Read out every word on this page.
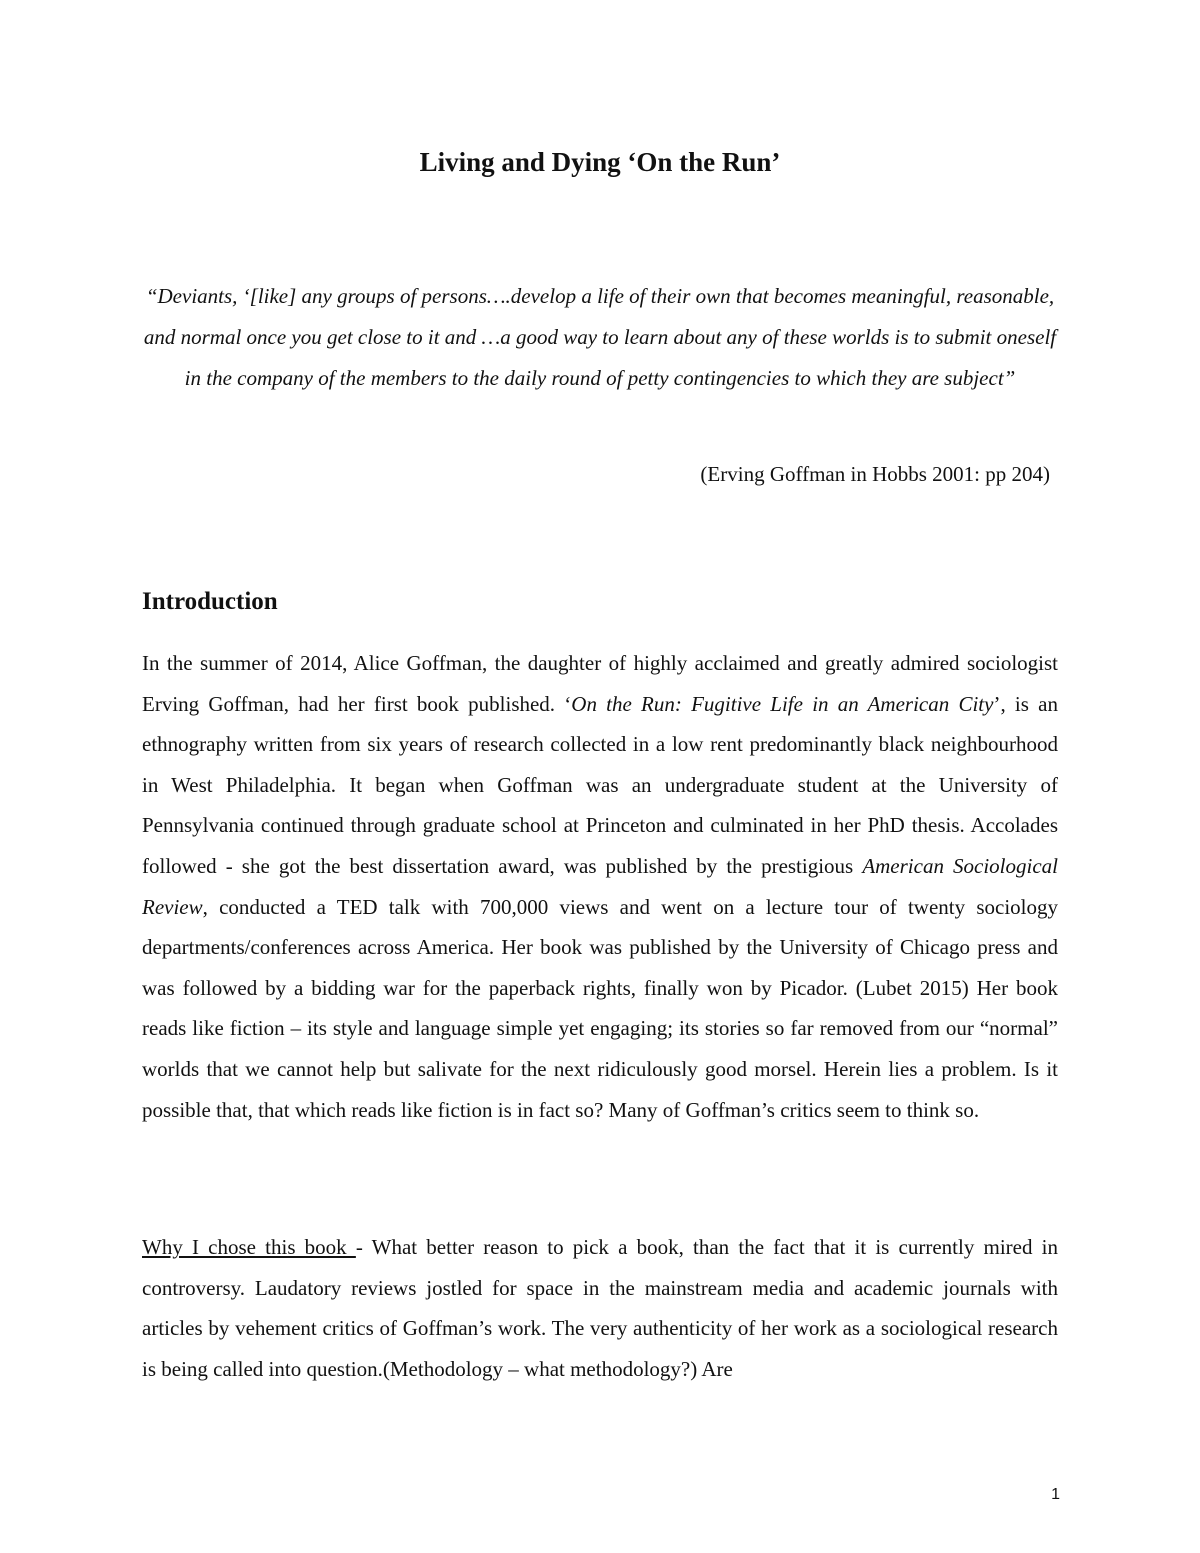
Living and Dying ‘On the Run’
“Deviants, ‘[like] any groups of persons….develop a life of their own that becomes meaningful, reasonable, and normal once you get close to it and …a good way to learn about any of these worlds is to submit oneself in the company of the members to the daily round of petty contingencies to which they are subject”
(Erving Goffman in Hobbs 2001: pp 204)
Introduction

In the summer of 2014, Alice Goffman, the daughter of highly acclaimed and greatly admired sociologist Erving Goffman, had her first book published. ‘On the Run: Fugitive Life in an American City’, is an ethnography written from six years of research collected in a low rent predominantly black neighbourhood in West Philadelphia. It began when Goffman was an undergraduate student at the University of Pennsylvania continued through graduate school at Princeton and culminated in her PhD thesis. Accolades followed - she got the best dissertation award, was published by the prestigious American Sociological Review, conducted a TED talk with 700,000 views and went on a lecture tour of twenty sociology departments/conferences across America. Her book was published by the University of Chicago press and was followed by a bidding war for the paperback rights, finally won by Picador. (Lubet 2015) Her book reads like fiction – its style and language simple yet engaging; its stories so far removed from our “normal” worlds that we cannot help but salivate for the next ridiculously good morsel. Herein lies a problem. Is it possible that, that which reads like fiction is in fact so? Many of Goffman’s critics seem to think so.

Why I chose this book - What better reason to pick a book, than the fact that it is currently mired in controversy. Laudatory reviews jostled for space in the mainstream media and academic journals with articles by vehement critics of Goffman’s work. The very authenticity of her work as a sociological research is being called into question.(Methodology – what methodology?) Are

1
